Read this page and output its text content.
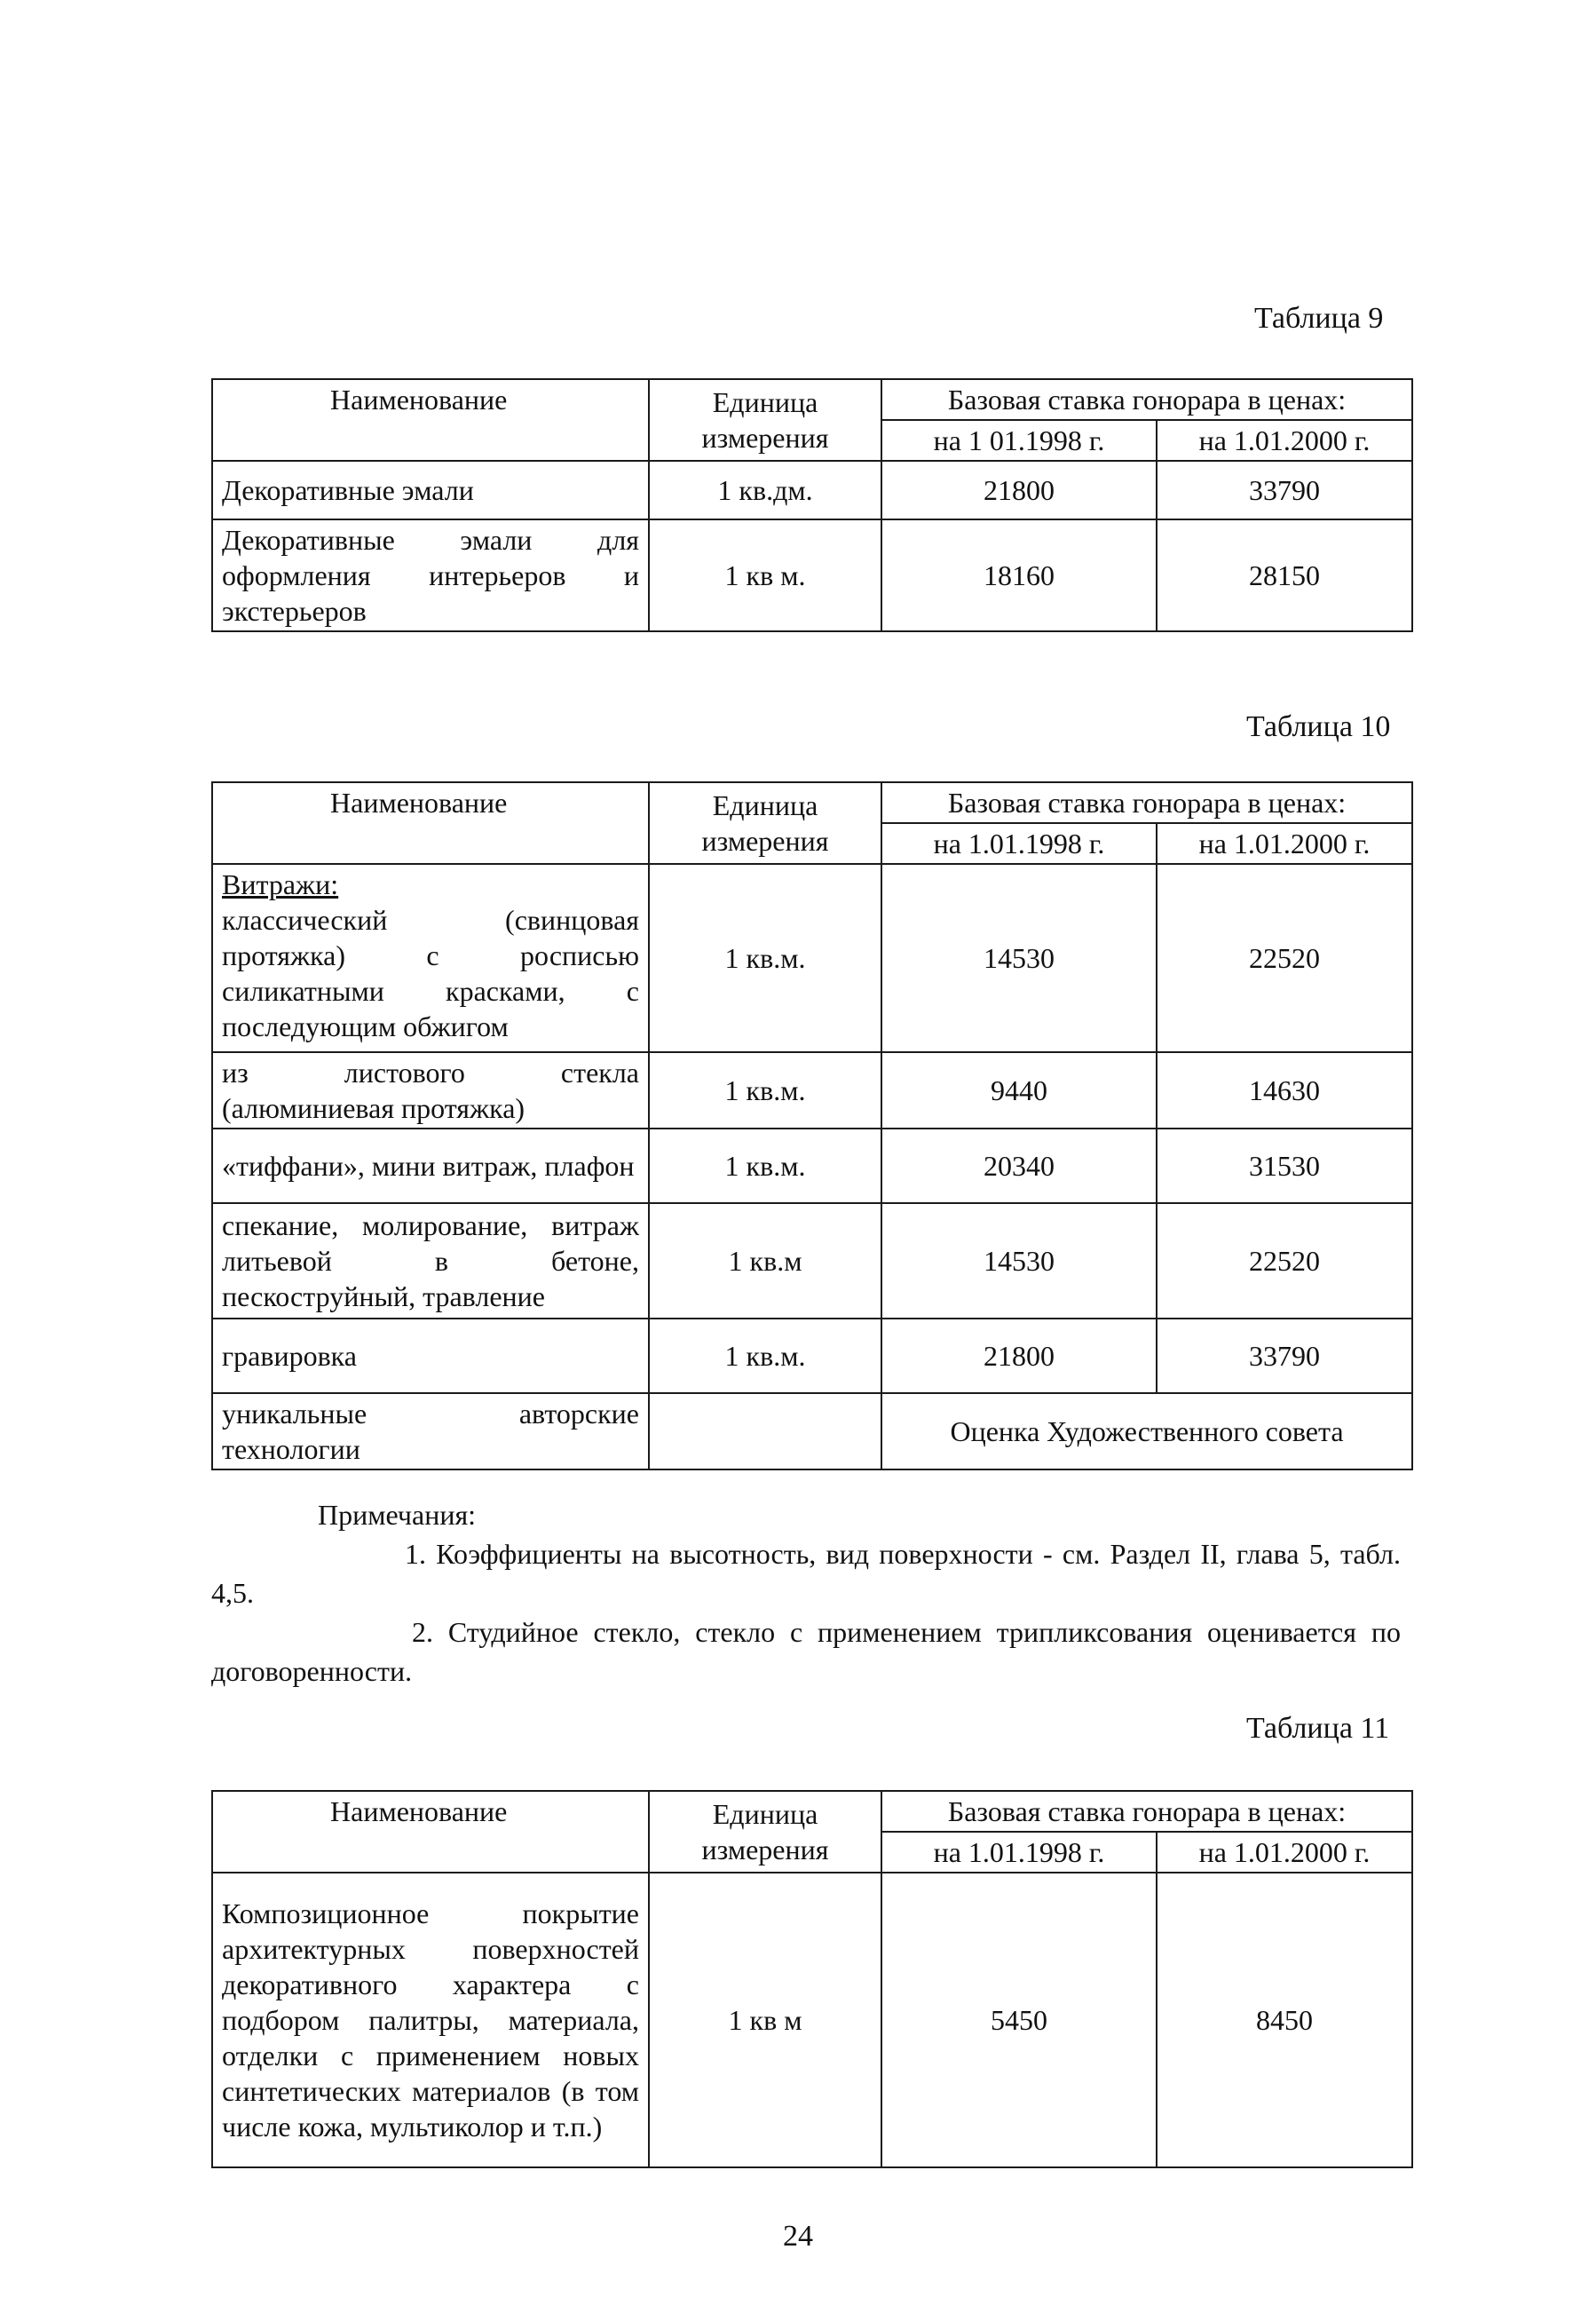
Таблица 9
Наименование	Единица измерения	Базовая ставка гонорара в ценах:	
		на 1 01.1998 г.	на 1.01.2000 г.
Декоративные эмали	1 кв.дм.	21800	33790
Декоративные эмали для оформления интерьеров и экстерьеров	1 кв м.	18160	28150
Таблица 10
Наименование	Единица измерения	Базовая ставка гонорара в ценах:	
		на 1.01.1998 г.	на 1.01.2000 г.
Витражи:
классический (свинцовая протяжка) с росписью силикатными красками, с последующим обжигом	1 кв.м.	14530	22520
из листового стекла (алюминиевая протяжка)	1 кв.м.	9440	14630
«тиффани», мини витраж, плафон	1 кв.м.	20340	31530
спекание, молирование, витраж литьевой в бетоне, пескоструйный, травление	1 кв.м	14530	22520
гравировка	1 кв.м.	21800	33790
уникальные авторские технологии		Оценка Художественного совета	

Примечания:

1. Коэффициенты на высотность, вид поверхности - см. Раздел II, глава 5, табл. 4,5.

2. Студийное стекло, стекло с применением трипликсования оценивается по договоренности.

Таблица 11
Наименование	Единица измерения	Базовая ставка гонорара в ценах:	
		на 1.01.1998 г.	на 1.01.2000 г.
Композиционное покрытие архитектурных поверхностей декоративного характера с подбором палитры, материала, отделки с применением новых синтетических материалов (в том числе кожа, мультиколор и т.п.)	1 кв м	5450	8450
24
